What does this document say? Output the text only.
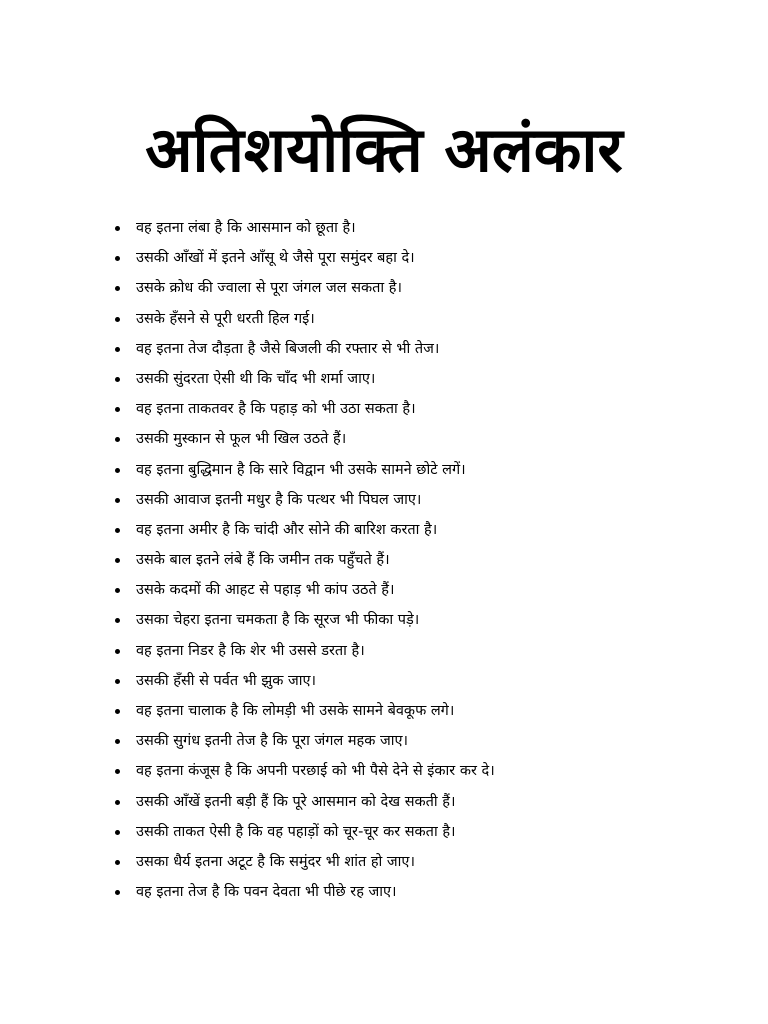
अतिशयोक्ति अलंकार
वह इतना लंबा है कि आसमान को छूता है।
उसकी आँखों में इतने आँसू थे जैसे पूरा समुंदर बहा दे।
उसके क्रोध की ज्वाला से पूरा जंगल जल सकता है।
उसके हँसने से पूरी धरती हिल गई।
वह इतना तेज दौड़ता है जैसे बिजली की रफ्तार से भी तेज।
उसकी सुंदरता ऐसी थी कि चाँद भी शर्मा जाए।
वह इतना ताकतवर है कि पहाड़ को भी उठा सकता है।
उसकी मुस्कान से फूल भी खिल उठते हैं।
वह इतना बुद्धिमान है कि सारे विद्वान भी उसके सामने छोटे लगें।
उसकी आवाज इतनी मधुर है कि पत्थर भी पिघल जाए।
वह इतना अमीर है कि चांदी और सोने की बारिश करता है।
उसके बाल इतने लंबे हैं कि जमीन तक पहुँचते हैं।
उसके कदमों की आहट से पहाड़ भी कांप उठते हैं।
उसका चेहरा इतना चमकता है कि सूरज भी फीका पड़े।
वह इतना निडर है कि शेर भी उससे डरता है।
उसकी हँसी से पर्वत भी झुक जाए।
वह इतना चालाक है कि लोमड़ी भी उसके सामने बेवकूफ लगे।
उसकी सुगंध इतनी तेज है कि पूरा जंगल महक जाए।
वह इतना कंजूस है कि अपनी परछाई को भी पैसे देने से इंकार कर दे।
उसकी आँखें इतनी बड़ी हैं कि पूरे आसमान को देख सकती हैं।
उसकी ताकत ऐसी है कि वह पहाड़ों को चूर-चूर कर सकता है।
उसका धैर्य इतना अटूट है कि समुंदर भी शांत हो जाए।
वह इतना तेज है कि पवन देवता भी पीछे रह जाए।
